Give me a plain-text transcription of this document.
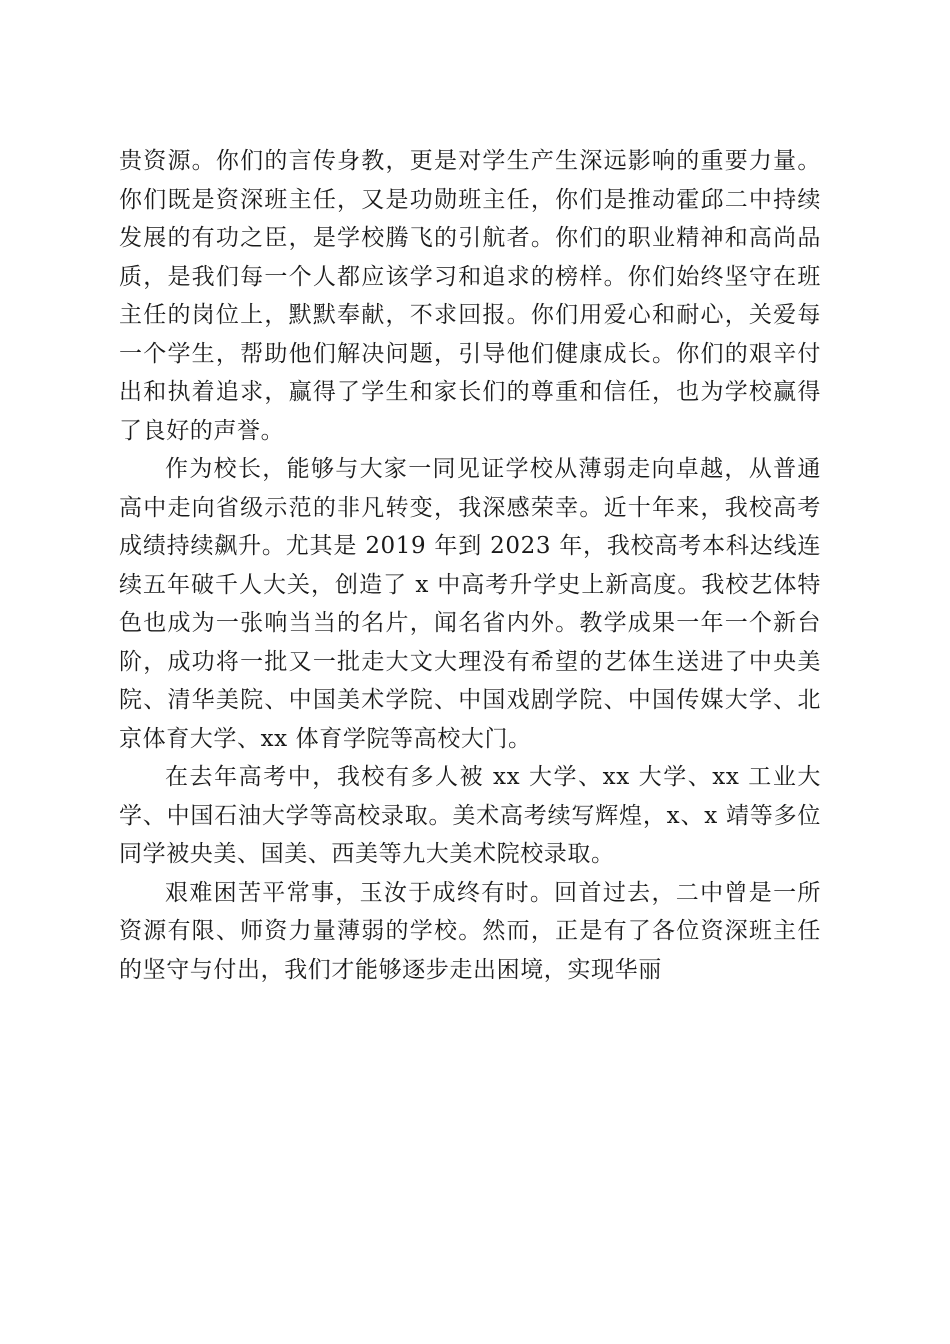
贵资源。你们的言传身教，更是对学生产生深远影响的重要力量。你们既是资深班主任，又是功勋班主任，你们是推动霍邱二中持续发展的有功之臣，是学校腾飞的引航者。你们的职业精神和高尚品质，是我们每一个人都应该学习和追求的榜样。你们始终坚守在班主任的岗位上，默默奉献，不求回报。你们用爱心和耐心，关爱每一个学生，帮助他们解决问题，引导他们健康成长。你们的艰辛付出和执着追求，赢得了学生和家长们的尊重和信任，也为学校赢得了良好的声誉。

作为校长，能够与大家一同见证学校从薄弱走向卓越，从普通高中走向省级示范的非凡转变，我深感荣幸。近十年来，我校高考成绩持续飙升。尤其是 2019 年到 2023 年，我校高考本科达线连续五年破千人大关，创造了 x 中高考升学史上新高度。我校艺体特色也成为一张响当当的名片，闻名省内外。教学成果一年一个新台阶，成功将一批又一批走大文大理没有希望的艺体生送进了中央美院、清华美院、中国美术学院、中国戏剧学院、中国传媒大学、北京体育大学、xx 体育学院等高校大门。

在去年高考中，我校有多人被 xx 大学、xx 大学、xx 工业大学、中国石油大学等高校录取。美术高考续写辉煌，x、x 靖等多位同学被央美、国美、西美等九大美术院校录取。

艰难困苦平常事，玉汝于成终有时。回首过去，二中曾是一所资源有限、师资力量薄弱的学校。然而，正是有了各位资深班主任的坚守与付出，我们才能够逐步走出困境，实现华丽
